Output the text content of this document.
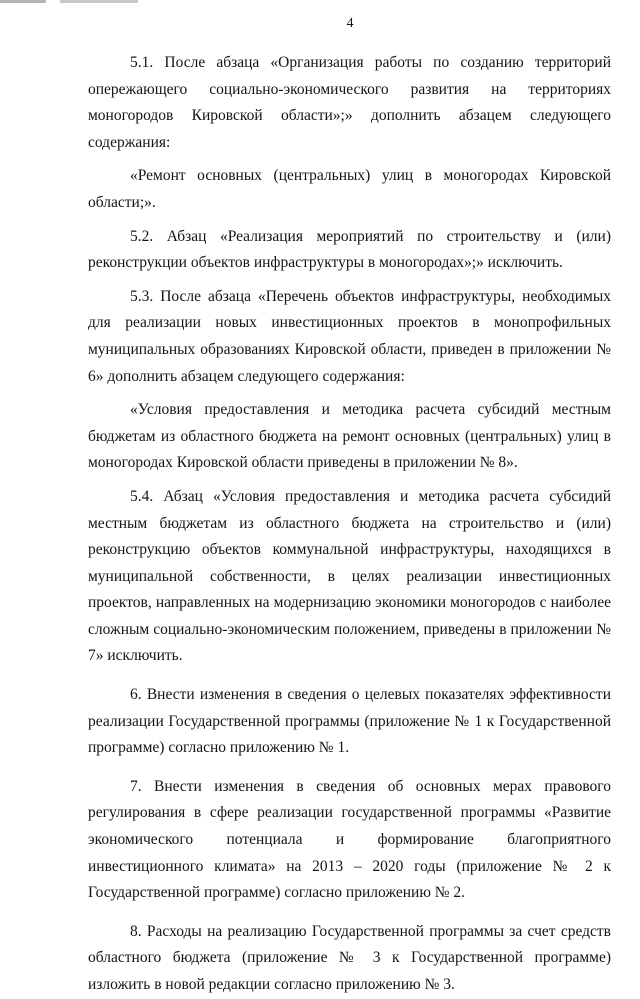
4

5.1. После абзаца «Организация работы по созданию территорий опережающего социально-экономического развития на территориях моногородов Кировской области»;» дополнить абзацем следующего содержания:

«Ремонт основных (центральных) улиц в моногородах Кировской области;».

5.2. Абзац «Реализация мероприятий по строительству и (или) реконструкции объектов инфраструктуры в моногородах»;» исключить.

5.3. После абзаца «Перечень объектов инфраструктуры, необходимых для реализации новых инвестиционных проектов в монопрофильных муниципальных образованиях Кировской области, приведен в приложении № 6» дополнить абзацем следующего содержания:

«Условия предоставления и методика расчета субсидий местным бюджетам из областного бюджета на ремонт основных (центральных) улиц в моногородах Кировской области приведены в приложении № 8».

5.4. Абзац «Условия предоставления и методика расчета субсидий местным бюджетам из областного бюджета на строительство и (или) реконструкцию объектов коммунальной инфраструктуры, находящихся в муниципальной собственности, в целях реализации инвестиционных проектов, направленных на модернизацию экономики моногородов с наиболее сложным социально-экономическим положением, приведены в приложении № 7» исключить.

6. Внести изменения в сведения о целевых показателях эффективности реализации Государственной программы (приложение № 1 к Государственной программе) согласно приложению № 1.

7. Внести изменения в сведения об основных мерах правового регулирования в сфере реализации государственной программы «Развитие экономического потенциала и формирование благоприятного инвестиционного климата» на 2013 – 2020 годы (приложение № 2 к Государственной программе) согласно приложению № 2.

8. Расходы на реализацию Государственной программы за счет средств областного бюджета (приложение № 3 к Государственной программе) изложить в новой редакции согласно приложению № 3.
